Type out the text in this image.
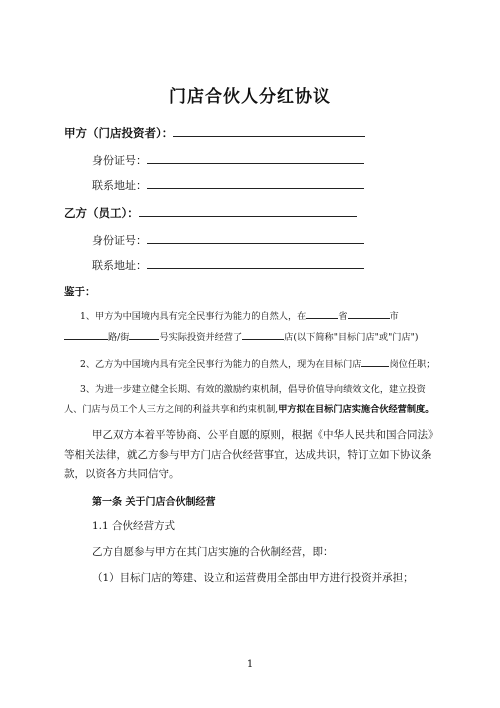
门店合伙人分红协议
甲方（门店投资者）：
身份证号：
联系地址：
乙方（员工）：
身份证号：
联系地址：
鉴于：
1、甲方为中国境内具有完全民事行为能力的自然人，在	省	市
路/街	号实际投资并经营了	店(以下简称"目标门店"或"门店")
2、乙方为中国境内具有完全民事行为能力的自然人，现为在目标门店	岗位任职；
3、为进一步建立健全长期、有效的激励约束机制，倡导价值导向绩效文化，建立投资
人、门店与员工个人三方之间的利益共享和约束机制,甲方拟在目标门店实施合伙经营制度。
甲乙双方本着平等协商、公平自愿的原则，根据《中华人民共和国合同法》
等相关法律，就乙方参与甲方门店合伙经营事宜，达成共识，特订立如下协议条
款，以资各方共同信守。
第一条 关于门店合伙制经营
1.1 合伙经营方式
乙方自愿参与甲方在其门店实施的合伙制经营，即：
（1）目标门店的筹建、设立和运营费用全部由甲方进行投资并承担；
1
